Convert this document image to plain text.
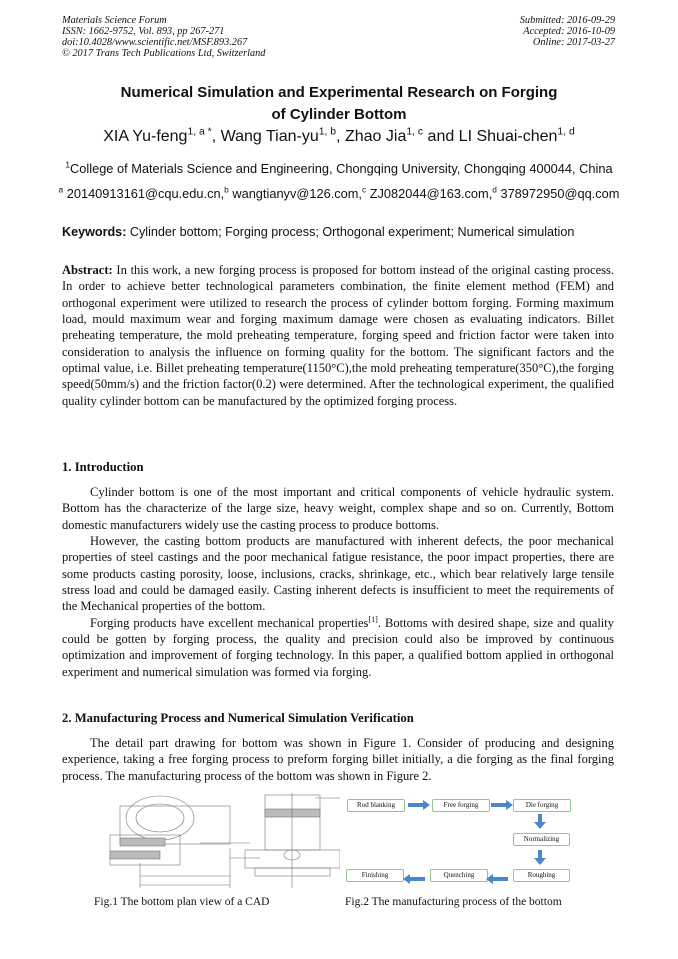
Materials Science Forum
ISSN: 1662-9752, Vol. 893, pp 267-271
doi:10.4028/www.scientific.net/MSF.893.267
© 2017 Trans Tech Publications Ltd, Switzerland
Submitted: 2016-09-29
Accepted: 2016-10-09
Online: 2017-03-27
Numerical Simulation and Experimental Research on Forging
of Cylinder Bottom
XIA Yu-feng$^{1, a *}$, Wang Tian-yu$^{1, b}$, Zhao Jia$^{1, c}$ and LI Shuai-chen$^{1, d}$
$^1$College of Materials Science and Engineering, Chongqing University, Chongqing 400044, China
$^a$ 20140913161@cqu.edu.cn,$^b$ wangtianyv@126.com,$^c$ ZJ082044@163.com,$^d$ 378972950@qq.com
Keywords: Cylinder bottom; Forging process; Orthogonal experiment; Numerical simulation

Abstract: In this work, a new forging process is proposed for bottom instead of the original casting process. In order to achieve better technological parameters combination, the finite element method (FEM) and orthogonal experiment were utilized to research the process of cylinder bottom forging. Forming maximum load, mould maximum wear and forging maximum damage were chosen as evaluating indicators. Billet preheating temperature, the mold preheating temperature, forging speed and friction factor were taken into consideration to analysis the influence on forming quality for the bottom. The significant factors and the optimal value, i.e. Billet preheating temperature(1150°C),the mold preheating temperature(350°C),the forging speed(50mm/s) and the friction factor(0.2) were determined. After the technological experiment, the qualified quality cylinder bottom can be manufactured by the optimized forging process.

1. Introduction

Cylinder bottom is one of the most important and critical components of vehicle hydraulic system. Bottom has the characterize of the large size, heavy weight, complex shape and so on. Currently, Bottom domestic manufacturers widely use the casting process to produce bottoms.

However, the casting bottom products are manufactured with inherent defects, the poor mechanical properties of steel castings and the poor mechanical fatigue resistance, the poor impact properties, there are some products casting porosity, loose, inclusions, cracks, shrinkage, etc., which bear relatively large tensile stress load and could be damaged easily. Casting inherent defects is insufficient to meet the requirements of the Mechanical properties of the bottom.

Forging products have excellent mechanical properties[1]. Bottoms with desired shape, size and quality could be gotten by forging process, the quality and precision could also be improved by continuous optimization and improvement of forging technology. In this paper, a qualified bottom applied in orthogonal experiment and numerical simulation was formed via forging.

2. Manufacturing Process and Numerical Simulation Verification

The detail part drawing for bottom was shown in Figure 1. Consider of producing and designing experience, taking a free forging process to preform forging billet initially, a die forging as the final forging process. The manufacturing process of the bottom was shown in Figure 2.

Fig.1 The bottom plan view of a CAD
Rod blanking	Free forging	Die forging
Normalizing
Roughing
Quenching
Finishing
Fig.2 The manufacturing process of the bottom
